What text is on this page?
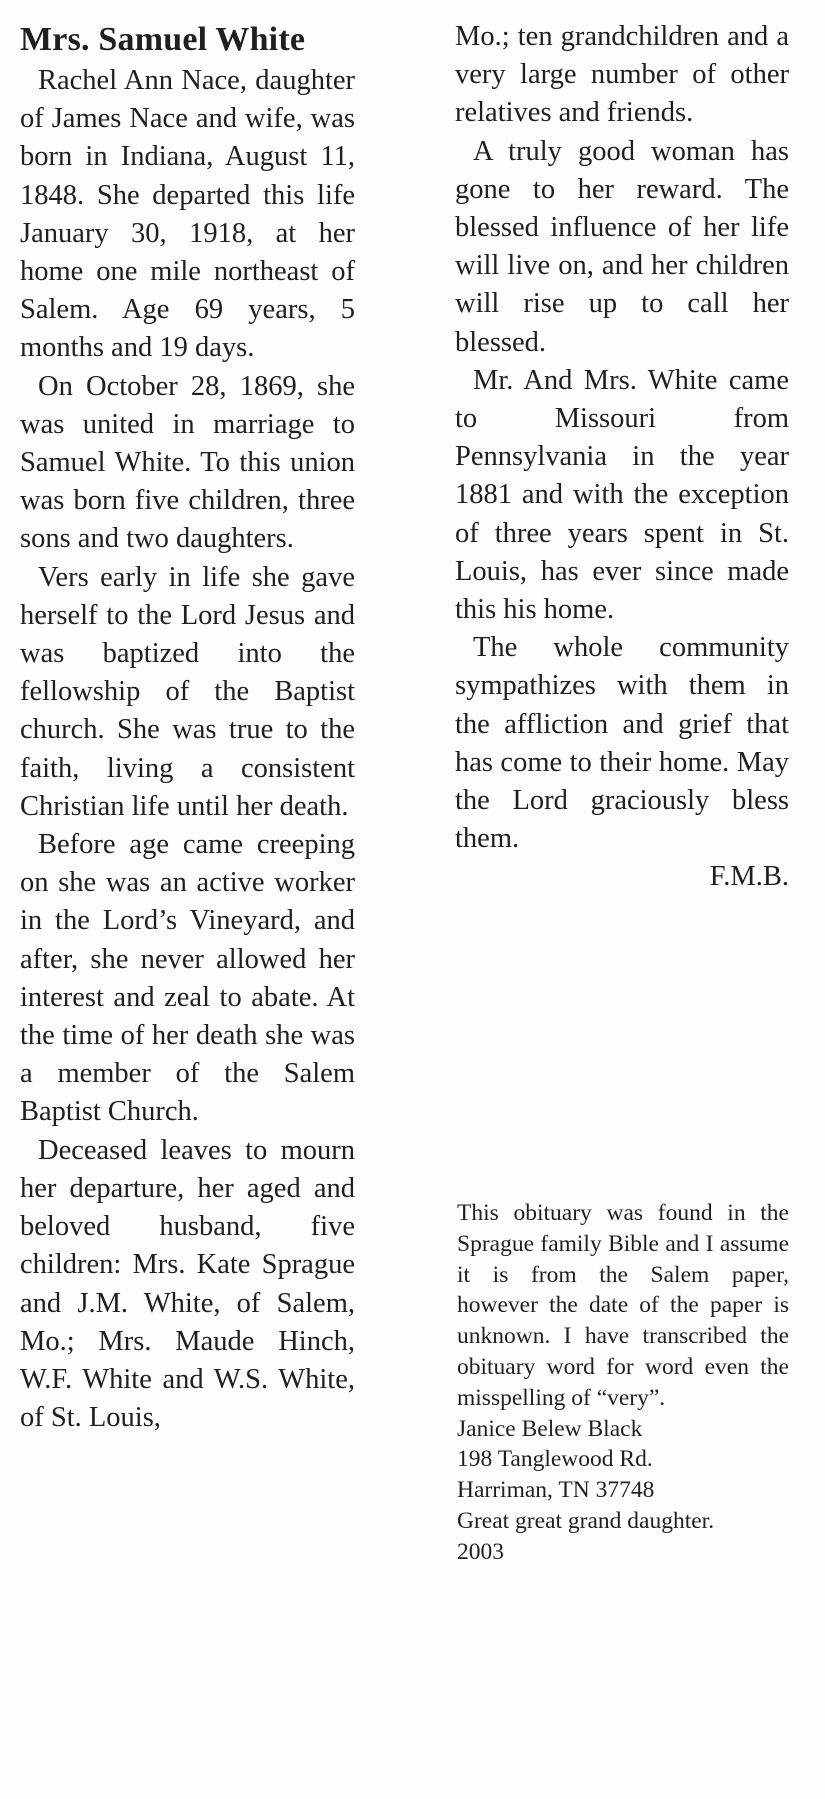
Mrs. Samuel White

Rachel Ann Nace, daughter of James Nace and wife, was born in Indiana, August 11, 1848. She departed this life January 30, 1918, at her home one mile northeast of Salem. Age 69 years, 5 months and 19 days.

On October 28, 1869, she was united in marriage to Samuel White. To this union was born five children, three sons and two daughters.

Vers early in life she gave herself to the Lord Jesus and was baptized into the fellowship of the Baptist church. She was true to the faith, living a consistent Christian life until her death.

Before age came creeping on she was an active worker in the Lord’s Vineyard, and after, she never allowed her interest and zeal to abate. At the time of her death she was a member of the Salem Baptist Church.

Deceased leaves to mourn her departure, her aged and beloved husband, five children: Mrs. Kate Sprague and J.M. White, of Salem, Mo.; Mrs. Maude Hinch, W.F. White and W.S. White, of St. Louis,

Mo.; ten grandchildren and a very large number of other relatives and friends.

A truly good woman has gone to her reward. The blessed influence of her life will live on, and her children will rise up to call her blessed.

Mr. And Mrs. White came to Missouri from Pennsylvania in the year 1881 and with the exception of three years spent in St. Louis, has ever since made this his home.

The whole community sympathizes with them in the affliction and grief that has come to their home. May the Lord graciously bless them.

F.M.B.

This obituary was found in the Sprague family Bible and I assume it is from the Salem paper, however the date of the paper is unknown. I have transcribed the obituary word for word even the misspelling of “very”.

Janice Belew Black

198 Tanglewood Rd.

Harriman, TN 37748

Great great grand daughter.

2003
